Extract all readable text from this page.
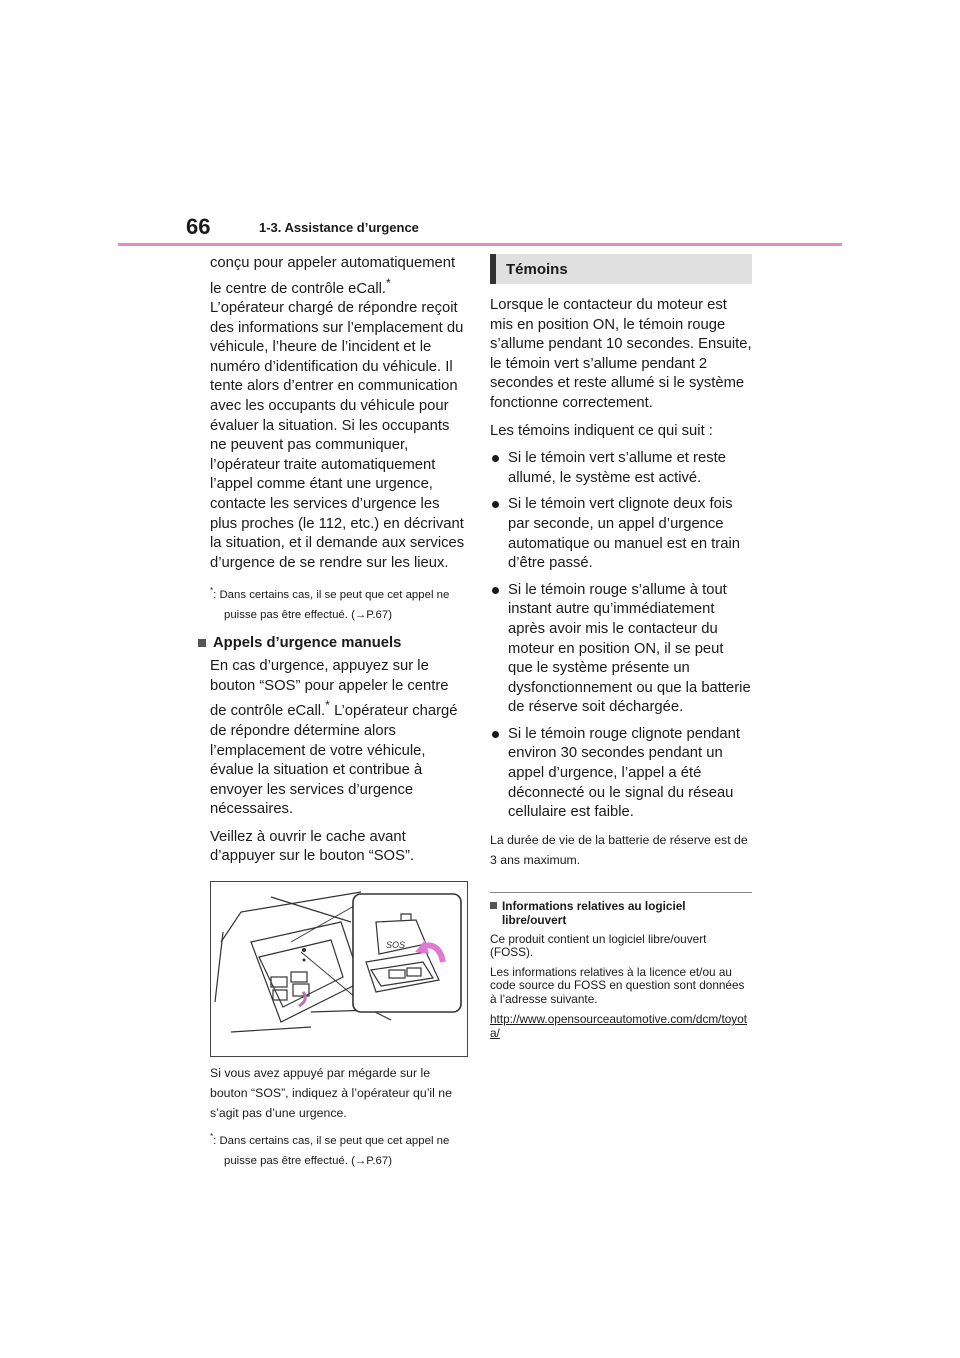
66	1-3. Assistance d’urgence

conçu pour appeler automatiquement le centre de contrôle eCall.* L’opérateur chargé de répondre reçoit des informations sur l’emplacement du véhicule, l’heure de l’incident et le numéro d’identification du véhicule. Il tente alors d’entrer en communication avec les occupants du véhicule pour évaluer la situation. Si les occupants ne peuvent pas communiquer, l’opérateur traite automatiquement l’appel comme étant une urgence, contacte les services d’urgence les plus proches (le 112, etc.) en décrivant la situation, et il demande aux services d’urgence de se rendre sur les lieux.

*: Dans certains cas, il se peut que cet appel ne puisse pas être effectué. (→P.67)

Appels d’urgence manuels

En cas d’urgence, appuyez sur le bouton “SOS” pour appeler le centre de contrôle eCall.* L’opérateur chargé de répondre détermine alors l’emplacement de votre véhicule, évalue la situation et contribue à envoyer les services d’urgence nécessaires.

Veillez à ouvrir le cache avant d’appuyer sur le bouton “SOS”.

SOS

Si vous avez appuyé par mégarde sur le bouton “SOS”, indiquez à l’opérateur qu’il ne s’agit pas d’une urgence.

*: Dans certains cas, il se peut que cet appel ne puisse pas être effectué. (→P.67)

Témoins

Lorsque le contacteur du moteur est mis en position ON, le témoin rouge s’allume pendant 10 secondes. Ensuite, le témoin vert s’allume pendant 2 secondes et reste allumé si le système fonctionne correctement.

Les témoins indiquent ce qui suit :

Si le témoin vert s’allume et reste allumé, le système est activé.
Si le témoin vert clignote deux fois par seconde, un appel d’urgence automatique ou manuel est en train d’être passé.
Si le témoin rouge s’allume à tout instant autre qu’immédiatement après avoir mis le contacteur du moteur en position ON, il se peut que le système présente un dysfonctionnement ou que la batterie de réserve soit déchargée.
Si le témoin rouge clignote pendant environ 30 secondes pendant un appel d’urgence, l’appel a été déconnecté ou le signal du réseau cellulaire est faible.

La durée de vie de la batterie de réserve est de 3 ans maximum.

Informations relatives au logiciel libre/ouvert

Ce produit contient un logiciel libre/ouvert (FOSS).

Les informations relatives à la licence et/ou au code source du FOSS en question sont données à l’adresse suivante.

http://www.opensourceautomotive.com/dcm/toyota/
